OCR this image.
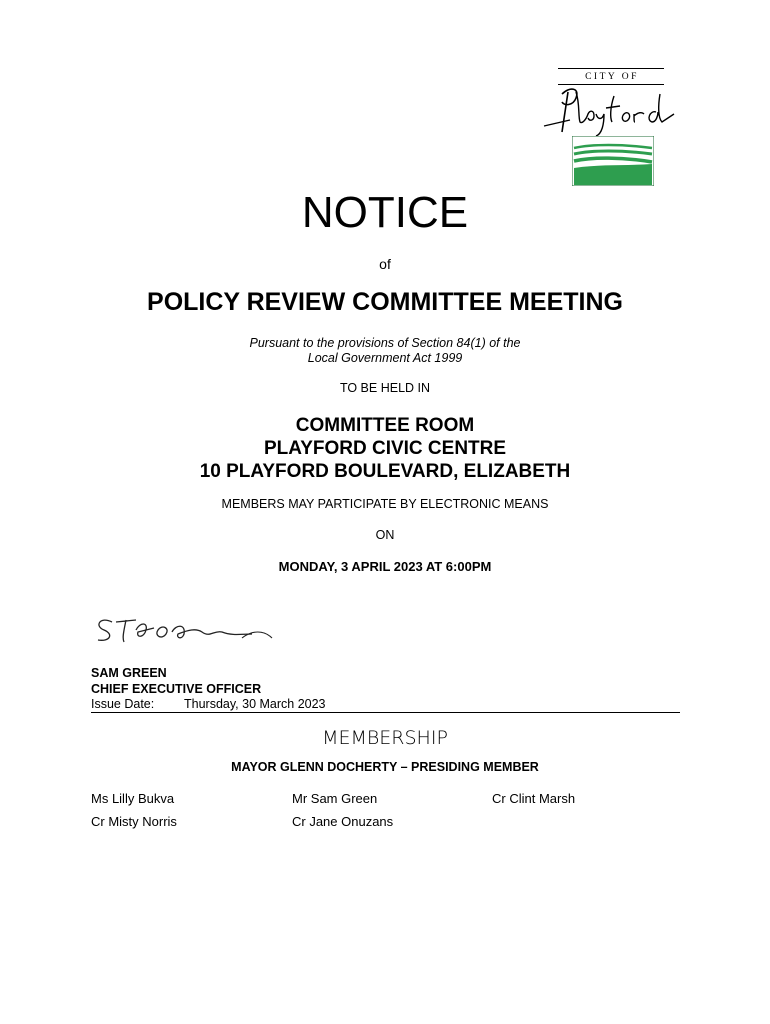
CITY OF
NOTICE
of
POLICY REVIEW COMMITTEE MEETING
Pursuant to the provisions of Section 84(1) of the
Local Government Act 1999
TO BE HELD IN
COMMITTEE ROOM
PLAYFORD CIVIC CENTRE
10 PLAYFORD BOULEVARD, ELIZABETH
MEMBERS MAY PARTICIPATE BY ELECTRONIC MEANS
ON
MONDAY, 3 APRIL 2023 AT 6:00PM
SAM GREEN
CHIEF EXECUTIVE OFFICER
Issue Date: Thursday, 30 March 2023
MEMBERSHIP
MAYOR GLENN DOCHERTY – PRESIDING MEMBER
Ms Lilly Bukva	Mr Sam Green	Cr Clint Marsh
Cr Misty Norris	Cr Jane Onuzans
